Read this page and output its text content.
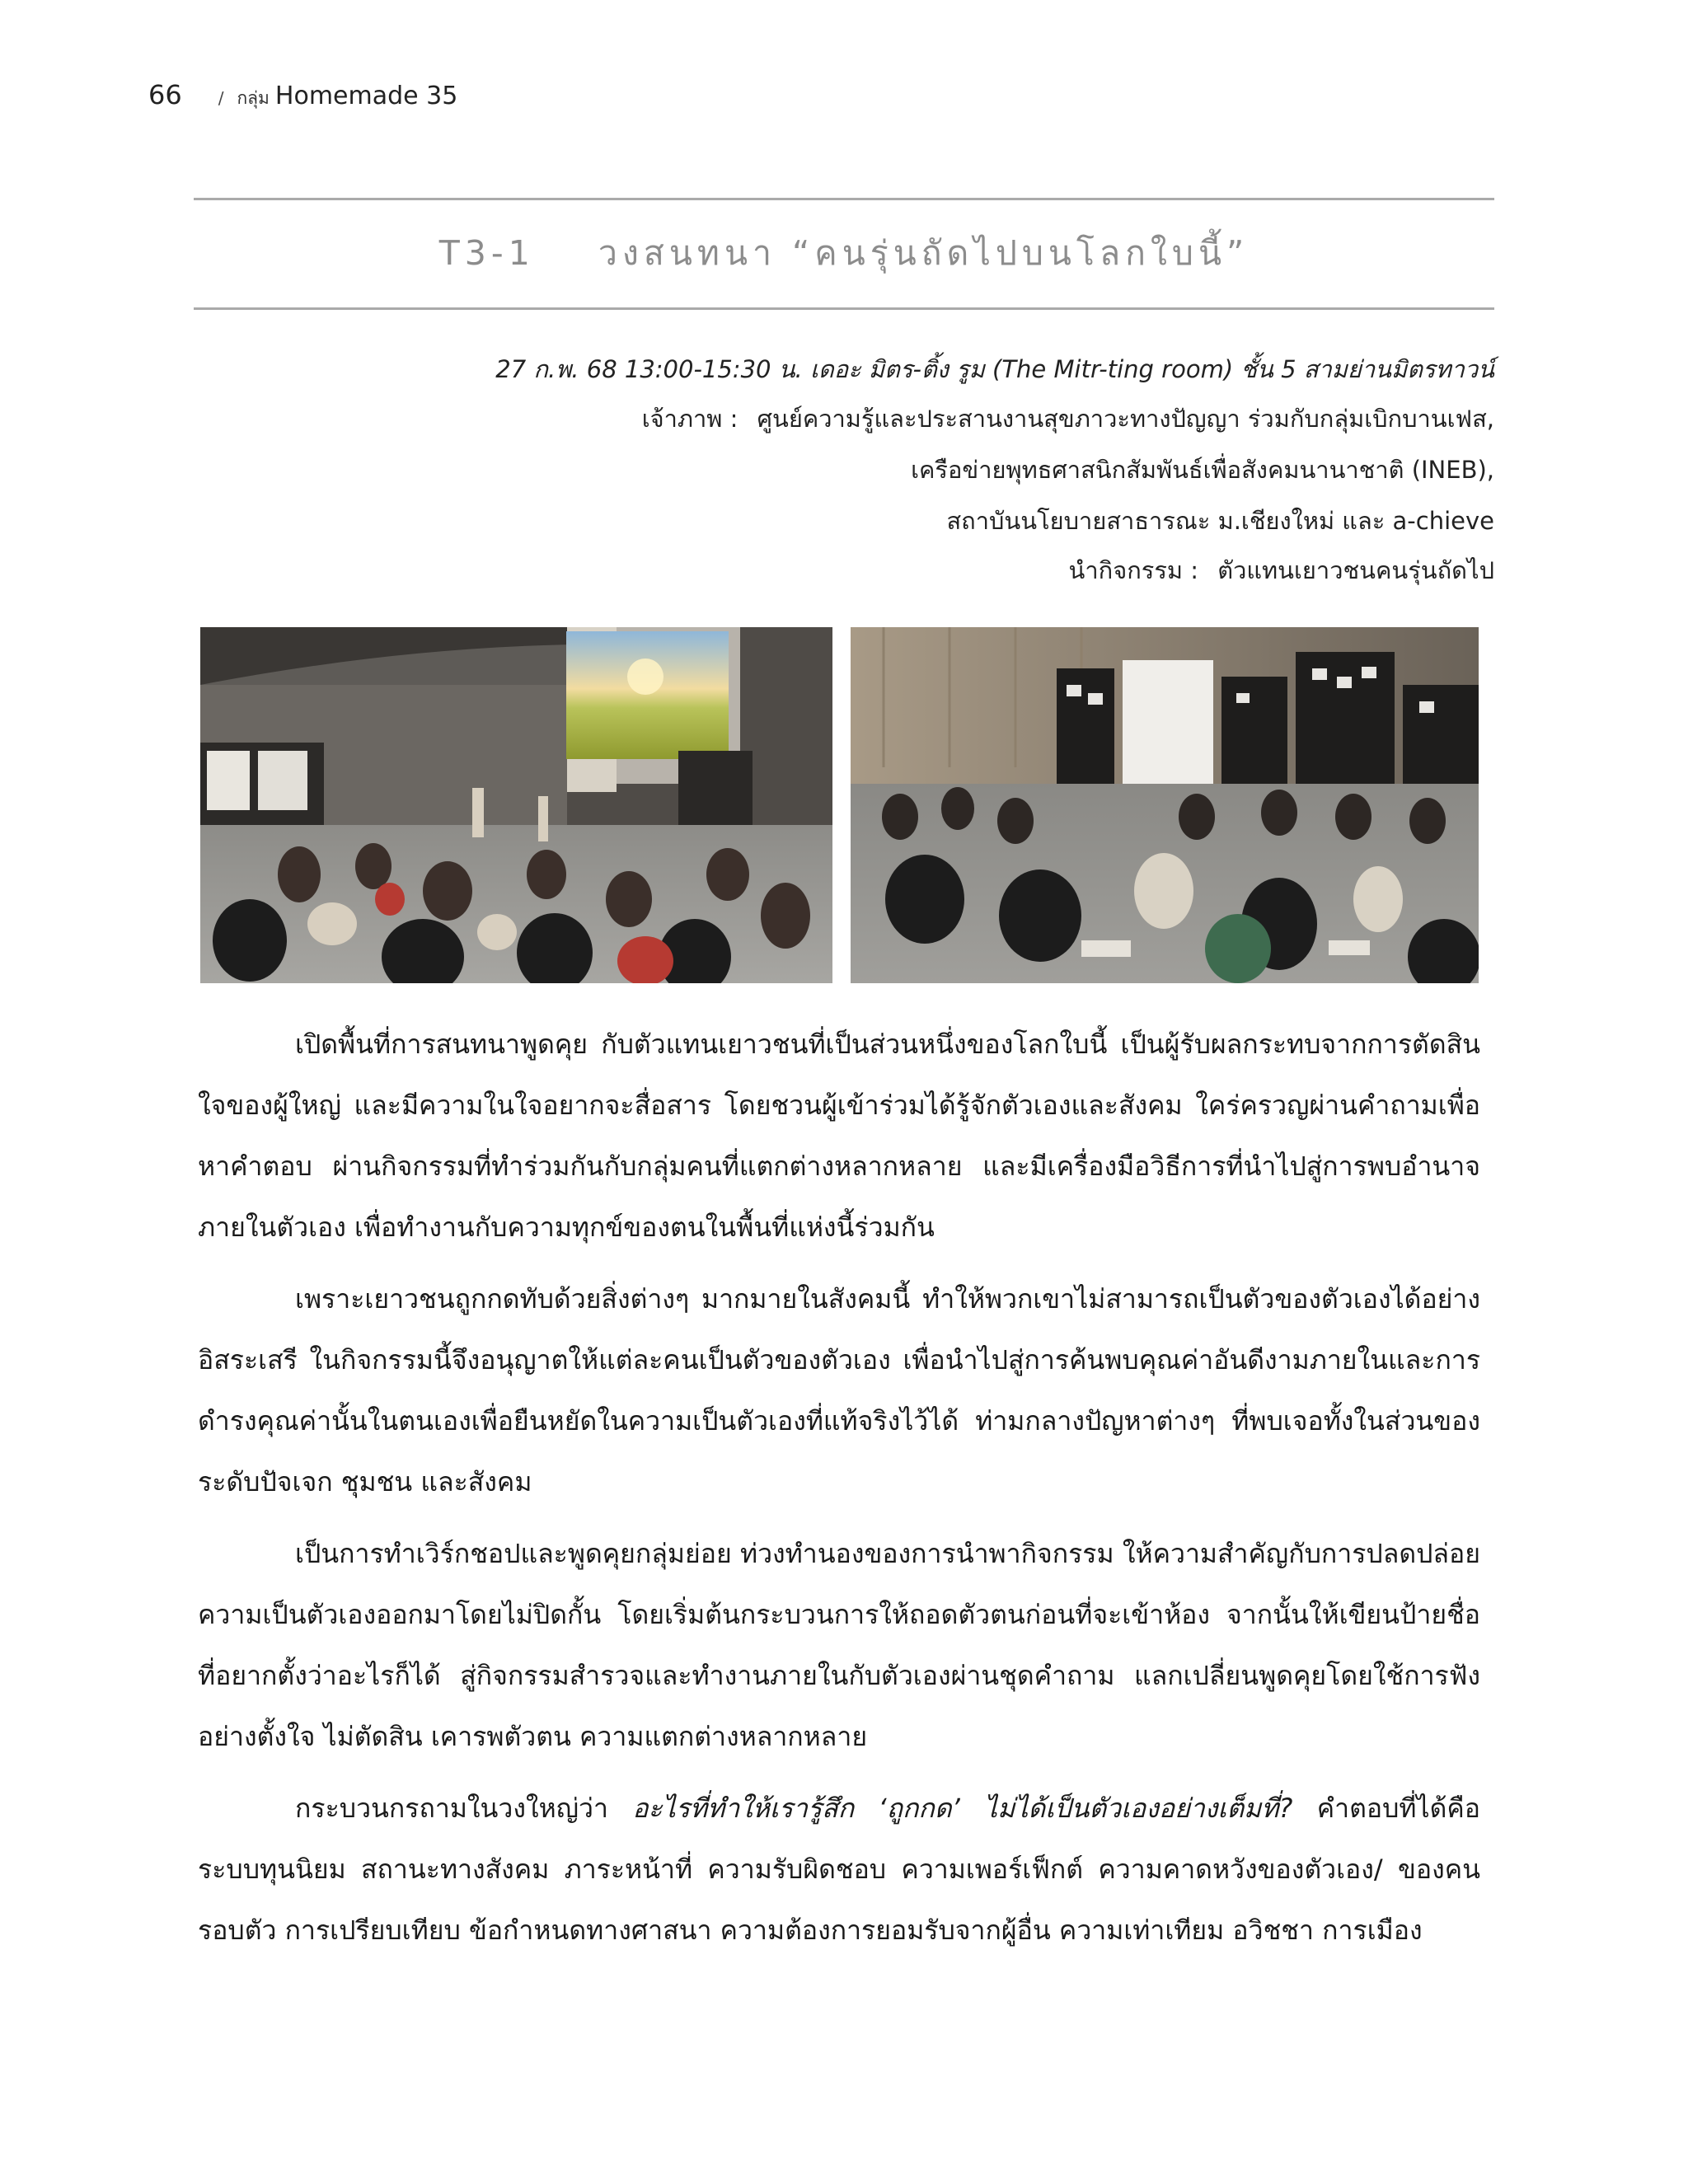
66 / กลุ่ม Homemade 35
T3-1 วงสนทนา “คนรุ่นถัดไปบนโลกใบนี้”
27 ก.พ. 68 13:00-15:30 น. เดอะ มิตร-ติ้ง รูม (The Mitr-ting room) ชั้น 5 สามย่านมิตรทาวน์
เจ้าภาพ : ศูนย์ความรู้และประสานงานสุขภาวะทางปัญญา ร่วมกับกลุ่มเบิกบานเฟส,
เครือข่ายพุทธศาสนิกสัมพันธ์เพื่อสังคมนานาชาติ (INEB),
สถาบันนโยบายสาธารณะ ม.เชียงใหม่ และ a-chieve
นำกิจกรรม : ตัวแทนเยาวชนคนรุ่นถัดไป

เปิดพื้นที่การสนทนาพูดคุย กับตัวแทนเยาวชนที่เป็นส่วนหนึ่งของโลกใบนี้ เป็นผู้รับผลกระทบจากการตัดสินใจของผู้ใหญ่ และมีความในใจอยากจะสื่อสาร โดยชวนผู้เข้าร่วมได้รู้จักตัวเองและสังคม ใคร่ครวญผ่านคำถามเพื่อหาคำตอบ ผ่านกิจกรรมที่ทำร่วมกันกับกลุ่มคนที่แตกต่างหลากหลาย และมีเครื่องมือวิธีการที่นำไปสู่การพบอำนาจภายในตัวเอง เพื่อทำงานกับความทุกข์ของตนในพื้นที่แห่งนี้ร่วมกัน

เพราะเยาวชนถูกกดทับด้วยสิ่งต่างๆ มากมายในสังคมนี้ ทำให้พวกเขาไม่สามารถเป็นตัวของตัวเองได้อย่างอิสระเสรี ในกิจกรรมนี้จึงอนุญาตให้แต่ละคนเป็นตัวของตัวเอง เพื่อนำไปสู่การค้นพบคุณค่าอันดีงามภายในและการดำรงคุณค่านั้นในตนเองเพื่อยืนหยัดในความเป็นตัวเองที่แท้จริงไว้ได้ ท่ามกลางปัญหาต่างๆ ที่พบเจอทั้งในส่วนของระดับปัจเจก ชุมชน และสังคม

เป็นการทำเวิร์กชอปและพูดคุยกลุ่มย่อย ท่วงทำนองของการนำพากิจกรรม ให้ความสำคัญกับการปลดปล่อยความเป็นตัวเองออกมาโดยไม่ปิดกั้น โดยเริ่มต้นกระบวนการให้ถอดตัวตนก่อนที่จะเข้าห้อง จากนั้นให้เขียนป้ายชื่อที่อยากตั้งว่าอะไรก็ได้ สู่กิจกรรมสำรวจและทำงานภายในกับตัวเองผ่านชุดคำถาม แลกเปลี่ยนพูดคุยโดยใช้การฟังอย่างตั้งใจ ไม่ตัดสิน เคารพตัวตน ความแตกต่างหลากหลาย

กระบวนกรถามในวงใหญ่ว่า อะไรที่ทำให้เรารู้สึก ‘ถูกกด’ ไม่ได้เป็นตัวเองอย่างเต็มที่? คำตอบที่ได้คือ ระบบทุนนิยม สถานะทางสังคม ภาระหน้าที่ ความรับผิดชอบ ความเพอร์เฟ็กต์ ความคาดหวังของตัวเอง/ ของคนรอบตัว การเปรียบเทียบ ข้อกำหนดทางศาสนา ความต้องการยอมรับจากผู้อื่น ความเท่าเทียม อวิชชา การเมือง
